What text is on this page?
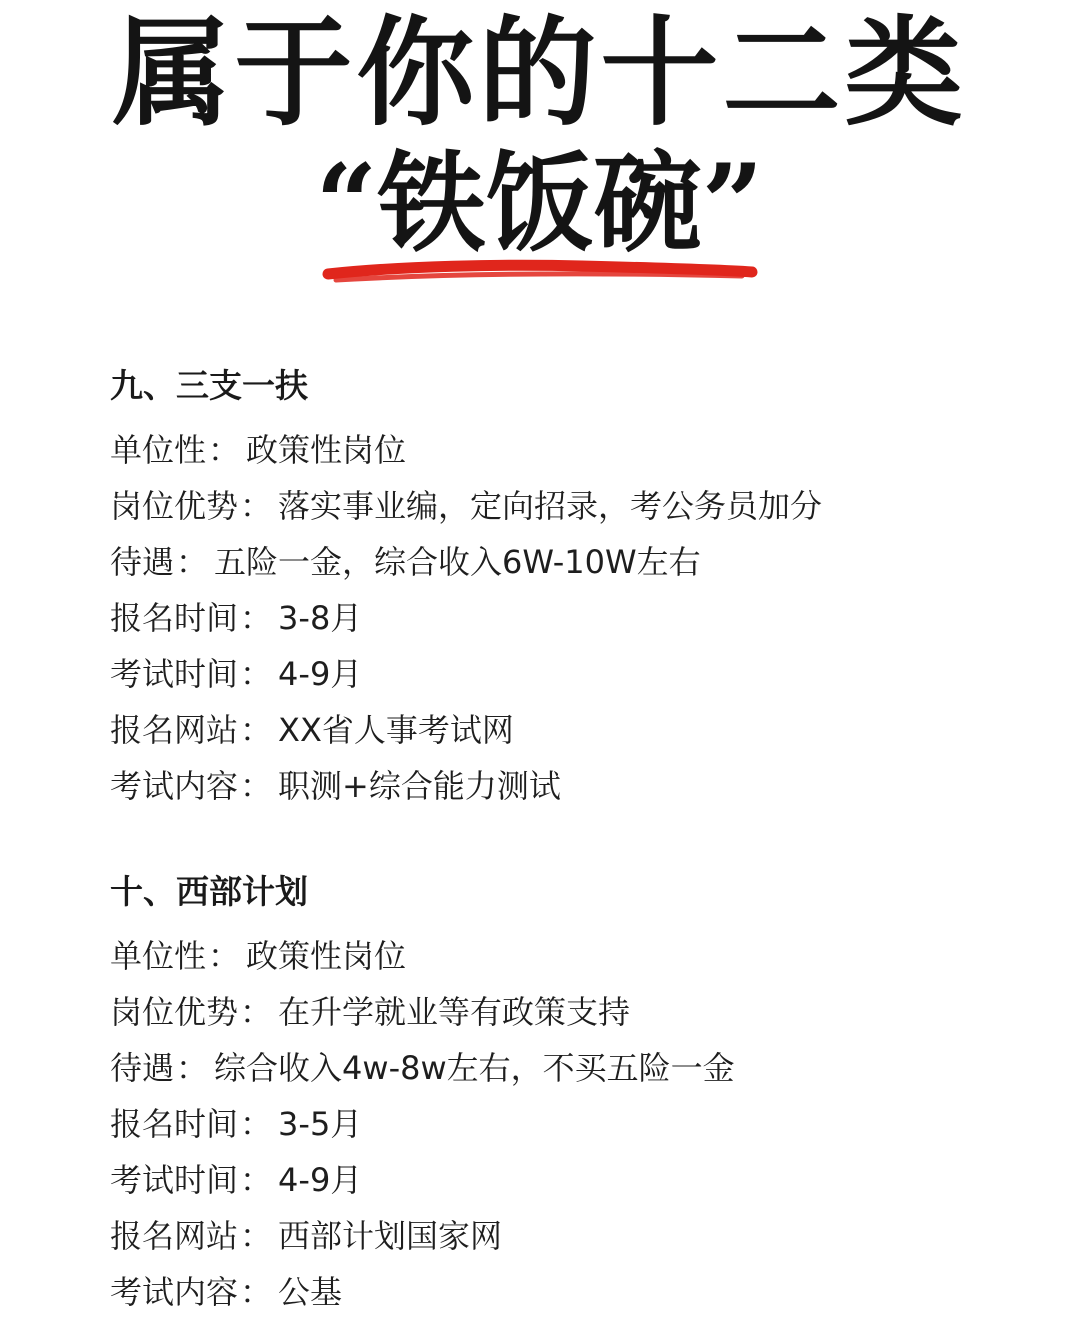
属于你的十二类
“铁饭碗”
九、三支一扶
单位性： 政策性岗位
岗位优势： 落实事业编，定向招录，考公务员加分
待遇： 五险一金，综合收入6W-10W左右
报名时间： 3-8月
考试时间： 4-9月
报名网站： XX省人事考试网
考试内容： 职测+综合能力测试
十、西部计划
单位性： 政策性岗位
岗位优势： 在升学就业等有政策支持
待遇： 综合收入4w-8w左右，不买五险一金
报名时间： 3-5月
考试时间： 4-9月
报名网站： 西部计划国家网
考试内容： 公基
